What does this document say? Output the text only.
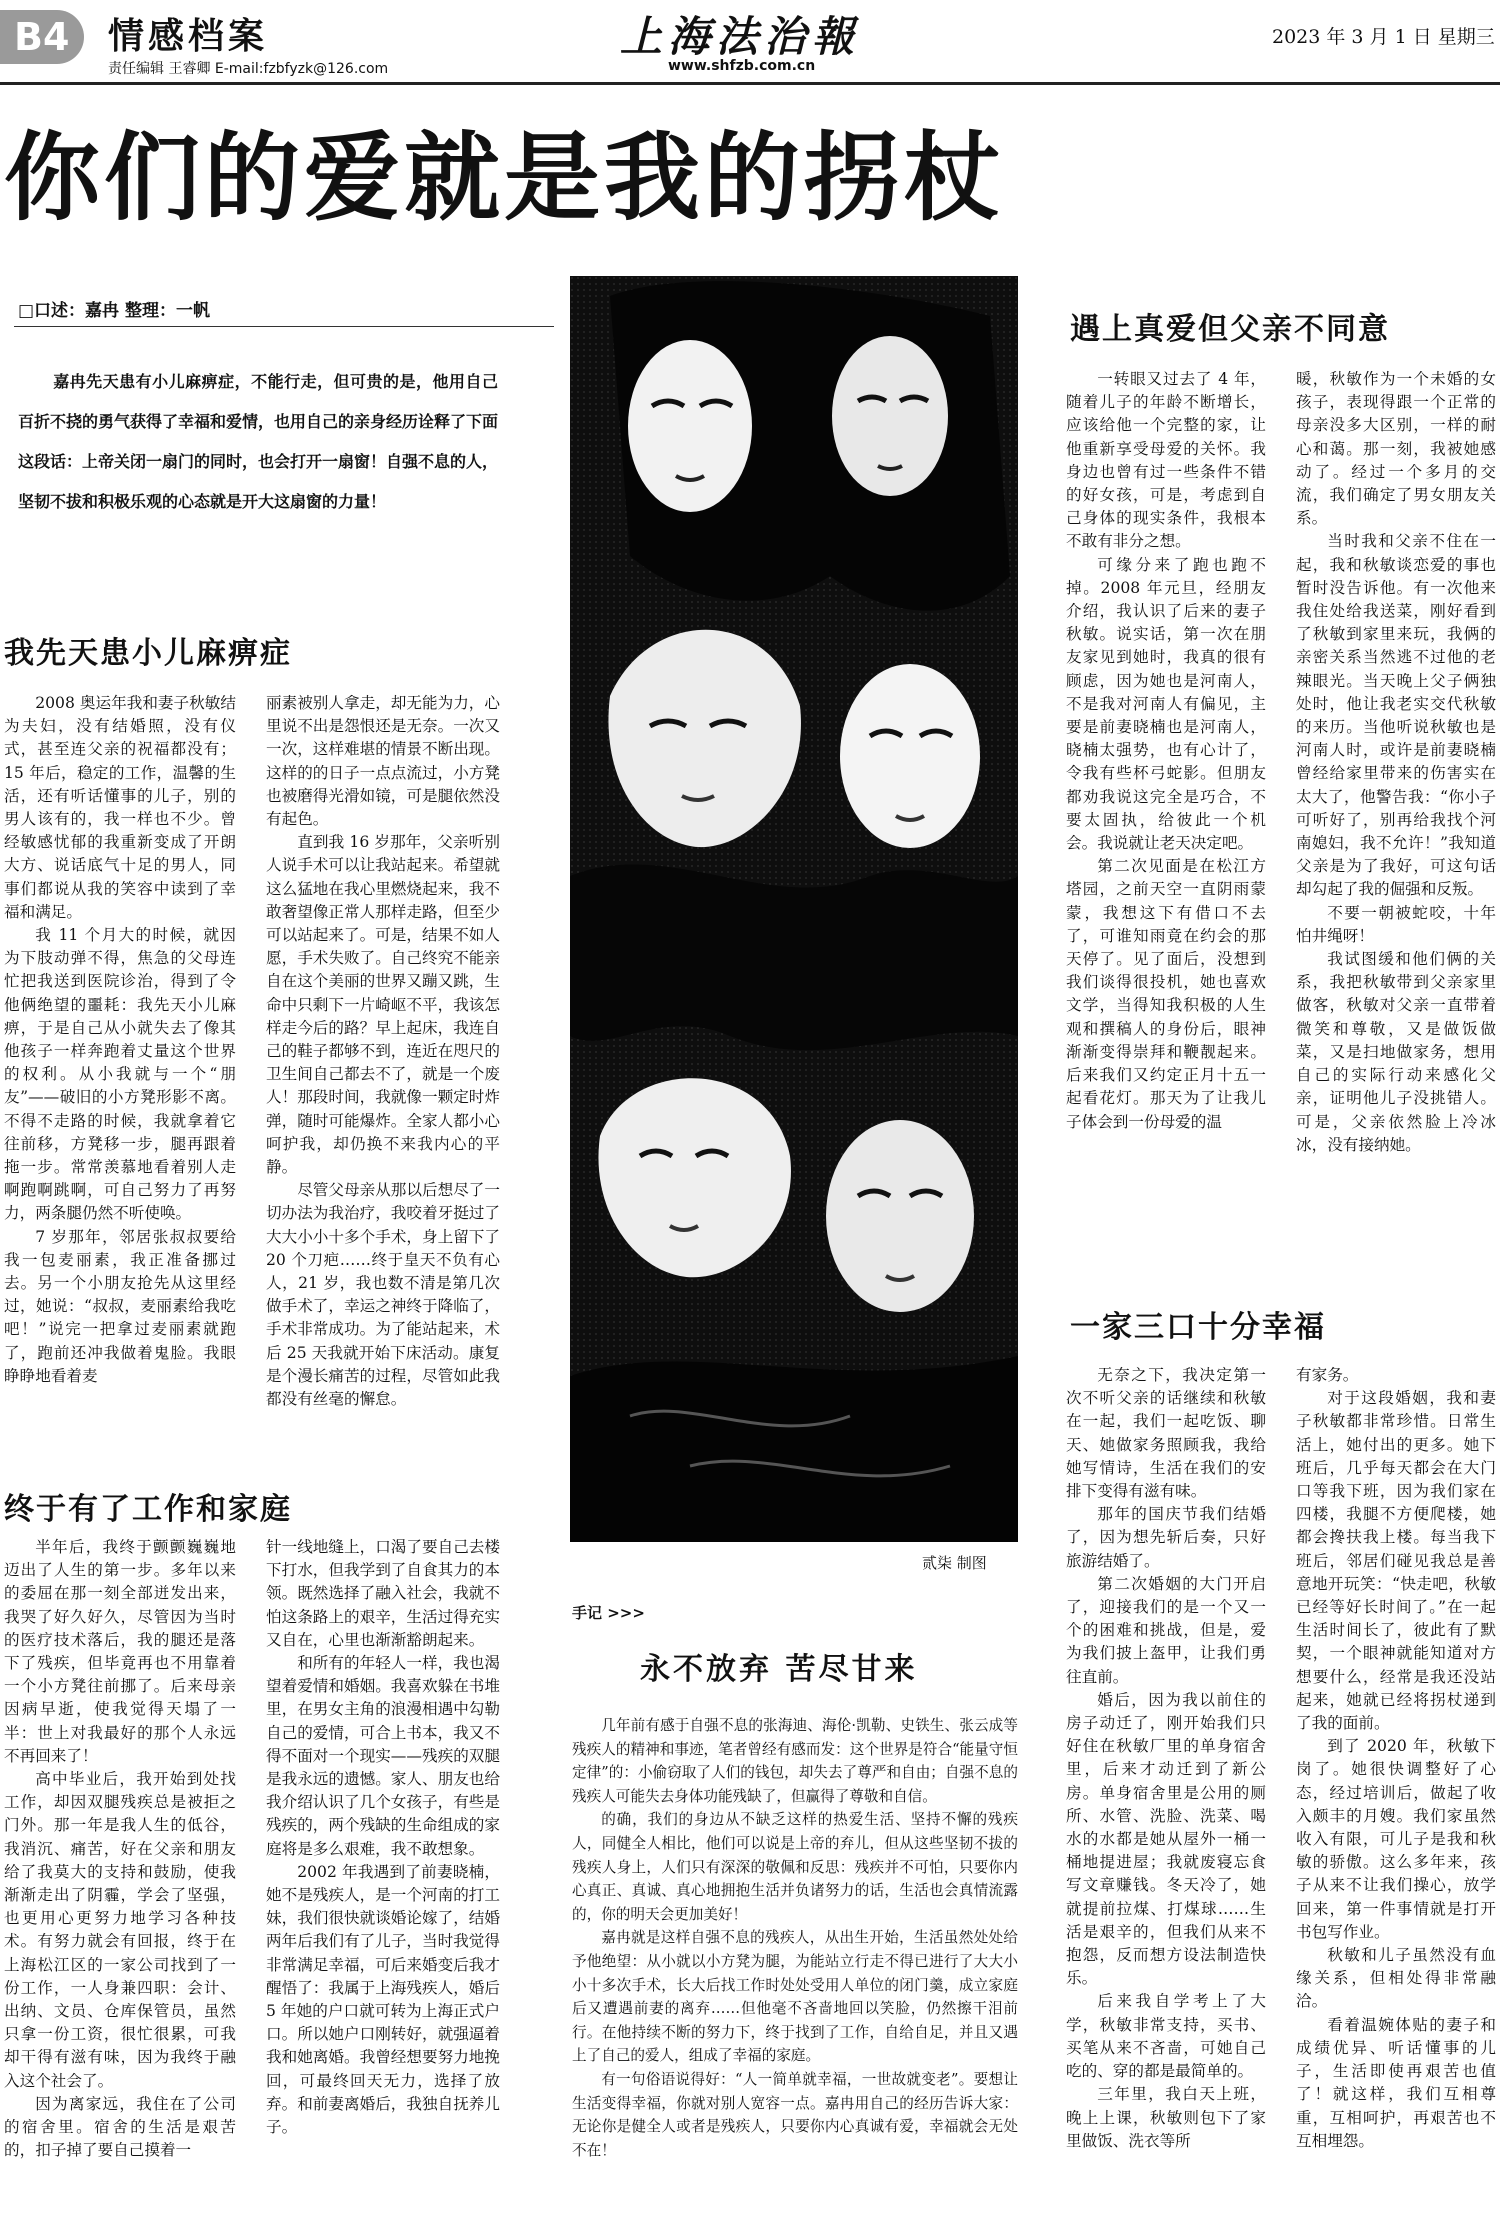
B4	情感档案
责任编辑 王睿卿 E-mail:fzbfyzk@126.com
上海法治報
www.shfzb.com.cn
2023 年 3 月 1 日 星期三
你们的爱就是我的拐杖
□口述：嘉冉 整理：一帆
嘉冉先天患有小儿麻痹症，不能行走，但可贵的是，他用自己百折不挠的勇气获得了幸福和爱情，也用自己的亲身经历诠释了下面这段话：上帝关闭一扇门的同时，也会打开一扇窗！自强不息的人，坚韧不拔和积极乐观的心态就是开大这扇窗的力量！
我先天患小儿麻痹症

2008 奥运年我和妻子秋敏结为夫妇，没有结婚照，没有仪式，甚至连父亲的祝福都没有；15 年后，稳定的工作，温馨的生活，还有听话懂事的儿子，别的男人该有的，我一样也不少。曾经敏感忧郁的我重新变成了开朗大方、说话底气十足的男人，同事们都说从我的笑容中读到了幸福和满足。

我 11 个月大的时候，就因为下肢动弹不得，焦急的父母连忙把我送到医院诊治，得到了令他俩绝望的噩耗：我先天小儿麻痹，于是自己从小就失去了像其他孩子一样奔跑着丈量这个世界的权利。从小我就与一个“朋友”——破旧的小方凳形影不离。不得不走路的时候，我就拿着它往前移，方凳移一步，腿再跟着拖一步。常常羡慕地看着别人走啊跑啊跳啊，可自己努力了再努力，两条腿仍然不听使唤。

7 岁那年，邻居张叔叔要给我一包麦丽素，我正准备挪过去。另一个小朋友抢先从这里经过，她说：“叔叔，麦丽素给我吃吧！”说完一把拿过麦丽素就跑了，跑前还冲我做着鬼脸。我眼睁睁地看着麦

丽素被别人拿走，却无能为力，心里说不出是怨恨还是无奈。一次又一次，这样难堪的情景不断出现。这样的的日子一点点流过，小方凳也被磨得光滑如镜，可是腿依然没有起色。

直到我 16 岁那年，父亲听别人说手术可以让我站起来。希望就这么猛地在我心里燃烧起来，我不敢奢望像正常人那样走路，但至少可以站起来了。可是，结果不如人愿，手术失败了。自己终究不能亲自在这个美丽的世界又蹦又跳，生命中只剩下一片崎岖不平，我该怎样走今后的路？早上起床，我连自己的鞋子都够不到，连近在咫尺的卫生间自己都去不了，就是一个废人！那段时间，我就像一颗定时炸弹，随时可能爆炸。全家人都小心呵护我，却仍换不来我内心的平静。

尽管父母亲从那以后想尽了一切办法为我治疗，我咬着牙挺过了大大小小十多个手术，身上留下了 20 个刀疤……终于皇天不负有心人，21 岁，我也数不清是第几次做手术了，幸运之神终于降临了，手术非常成功。为了能站起来，术后 25 天我就开始下床活动。康复是个漫长痛苦的过程，尽管如此我都没有丝毫的懈怠。

终于有了工作和家庭

半年后，我终于颤颤巍巍地迈出了人生的第一步。多年以来的委屈在那一刻全部迸发出来，我哭了好久好久，尽管因为当时的医疗技术落后，我的腿还是落下了残疾，但毕竟再也不用靠着一个小方凳往前挪了。后来母亲因病早逝，使我觉得天塌了一半：世上对我最好的那个人永远不再回来了！

高中毕业后，我开始到处找工作，却因双腿残疾总是被拒之门外。那一年是我人生的低谷，我消沉、痛苦，好在父亲和朋友给了我莫大的支持和鼓励，使我渐渐走出了阴霾，学会了坚强，也更用心更努力地学习各种技术。有努力就会有回报，终于在上海松江区的一家公司找到了一份工作，一人身兼四职：会计、出纳、文员、仓库保管员，虽然只拿一份工资，很忙很累，可我却干得有滋有味，因为我终于融入这个社会了。

因为离家远，我住在了公司的宿舍里。宿舍的生活是艰苦的，扣子掉了要自己摸着一

针一线地缝上，口渴了要自己去楼下打水，但我学到了自食其力的本领。既然选择了融入社会，我就不怕这条路上的艰辛，生活过得充实又自在，心里也渐渐豁朗起来。

和所有的年轻人一样，我也渴望着爱情和婚姻。我喜欢躲在书堆里，在男女主角的浪漫相遇中勾勒自己的爱情，可合上书本，我又不得不面对一个现实——残疾的双腿是我永远的遗憾。家人、朋友也给我介绍认识了几个女孩子，有些是残疾的，两个残缺的生命组成的家庭将是多么艰难，我不敢想象。

2002 年我遇到了前妻晓楠，她不是残疾人，是一个河南的打工妹，我们很快就谈婚论嫁了，结婚两年后我们有了儿子，当时我觉得非常满足幸福，可后来婚变后我才醒悟了：我属于上海残疾人，婚后 5 年她的户口就可转为上海正式户口。所以她户口刚转好，就强逼着我和她离婚。我曾经想要努力地挽回，可最终回天无力，选择了放弃。和前妻离婚后，我独自抚养儿子。

贰柒 制图
手记 >>>
永不放弃 苦尽甘来

几年前有感于自强不息的张海迪、海伦·凯勒、史铁生、张云成等残疾人的精神和事迹，笔者曾经有感而发：这个世界是符合“能量守恒定律”的：小偷窃取了人们的钱包，却失去了尊严和自由；自强不息的残疾人可能失去身体功能残缺了，但赢得了尊敬和自信。

的确，我们的身边从不缺乏这样的热爱生活、坚持不懈的残疾人，同健全人相比，他们可以说是上帝的弃儿，但从这些坚韧不拔的残疾人身上，人们只有深深的敬佩和反思：残疾并不可怕，只要你内心真正、真诚、真心地拥抱生活并负诸努力的话，生活也会真情流露的，你的明天会更加美好！

嘉冉就是这样自强不息的残疾人，从出生开始，生活虽然处处给予他绝望：从小就以小方凳为腿，为能站立行走不得已进行了大大小小十多次手术，长大后找工作时处处受用人单位的闭门羹，成立家庭后又遭遇前妻的离弃……但他毫不吝啬地回以笑脸，仍然擦干泪前行。在他持续不断的努力下，终于找到了工作，自给自足，并且又遇上了自己的爱人，组成了幸福的家庭。

有一句俗语说得好：“人一简单就幸福，一世故就变老”。要想让生活变得幸福，你就对别人宽容一点。嘉冉用自己的经历告诉大家：无论你是健全人或者是残疾人，只要你内心真诚有爱，幸福就会无处不在！

遇上真爱但父亲不同意

一转眼又过去了 4 年，随着儿子的年龄不断增长，应该给他一个完整的家，让他重新享受母爱的关怀。我身边也曾有过一些条件不错的好女孩，可是，考虑到自己身体的现实条件，我根本不敢有非分之想。

可缘分来了跑也跑不掉。2008 年元旦，经朋友介绍，我认识了后来的妻子秋敏。说实话，第一次在朋友家见到她时，我真的很有顾虑，因为她也是河南人，不是我对河南人有偏见，主要是前妻晓楠也是河南人，晓楠太强势，也有心计了，令我有些杯弓蛇影。但朋友都劝我说这完全是巧合，不要太固执，给彼此一个机会。我说就让老天决定吧。

第二次见面是在松江方塔园，之前天空一直阴雨蒙蒙，我想这下有借口不去了，可谁知雨竟在约会的那天停了。见了面后，没想到我们谈得很投机，她也喜欢文学，当得知我积极的人生观和撰稿人的身份后，眼神渐渐变得崇拜和鞭靓起来。后来我们又约定正月十五一起看花灯。那天为了让我儿子体会到一份母爱的温

暖，秋敏作为一个未婚的女孩子，表现得跟一个正常的母亲没多大区别，一样的耐心和蔼。那一刻，我被她感动了。经过一个多月的交流，我们确定了男女朋友关系。

当时我和父亲不住在一起，我和秋敏谈恋爱的事也暂时没告诉他。有一次他来我住处给我送菜，刚好看到了秋敏到家里来玩，我俩的亲密关系当然逃不过他的老辣眼光。当天晚上父子俩独处时，他让我老实交代秋敏的来历。当他听说秋敏也是河南人时，或许是前妻晓楠曾经给家里带来的伤害实在太大了，他警告我：“你小子可听好了，别再给我找个河南媳妇，我不允许！”我知道父亲是为了我好，可这句话却勾起了我的倔强和反叛。

不要一朝被蛇咬，十年怕井绳呀！

我试图缓和他们俩的关系，我把秋敏带到父亲家里做客，秋敏对父亲一直带着微笑和尊敬，又是做饭做菜，又是扫地做家务，想用自己的实际行动来感化父亲，证明他儿子没挑错人。可是，父亲依然脸上冷冰冰，没有接纳她。

一家三口十分幸福

无奈之下，我决定第一次不听父亲的话继续和秋敏在一起，我们一起吃饭、聊天、她做家务照顾我，我给她写情诗，生活在我们的安排下变得有滋有味。

那年的国庆节我们结婚了，因为想先斩后奏，只好旅游结婚了。

第二次婚姻的大门开启了，迎接我们的是一个又一个的困难和挑战，但是，爱为我们披上盔甲，让我们勇往直前。

婚后，因为我以前住的房子动迁了，刚开始我们只好住在秋敏厂里的单身宿舍里，后来才动迁到了新公房。单身宿舍里是公用的厕所、水管、洗脸、洗菜、喝水的水都是她从屋外一桶一桶地提进屋；我就废寝忘食写文章赚钱。冬天冷了，她就提前拉煤、打煤球……生活是艰辛的，但我们从来不抱怨，反而想方设法制造快乐。

后来我自学考上了大学，秋敏非常支持，买书、买笔从来不吝啬，可她自己吃的、穿的都是最简单的。

三年里，我白天上班，晚上上课，秋敏则包下了家里做饭、洗衣等所

有家务。

对于这段婚姻，我和妻子秋敏都非常珍惜。日常生活上，她付出的更多。她下班后，几乎每天都会在大门口等我下班，因为我们家在四楼，我腿不方便爬楼，她都会搀扶我上楼。每当我下班后，邻居们碰见我总是善意地开玩笑：“快走吧，秋敏已经等好长时间了。”在一起生活时间长了，彼此有了默契，一个眼神就能知道对方想要什么，经常是我还没站起来，她就已经将拐杖递到了我的面前。

到了 2020 年，秋敏下岗了。她很快调整好了心态，经过培训后，做起了收入颇丰的月嫂。我们家虽然收入有限，可儿子是我和秋敏的骄傲。这么多年来，孩子从来不让我们操心，放学回来，第一件事情就是打开书包写作业。

秋敏和儿子虽然没有血缘关系，但相处得非常融洽。

看着温婉体贴的妻子和成绩优异、听话懂事的儿子，生活即使再艰苦也值了！就这样，我们互相尊重，互相呵护，再艰苦也不互相埋怨。
